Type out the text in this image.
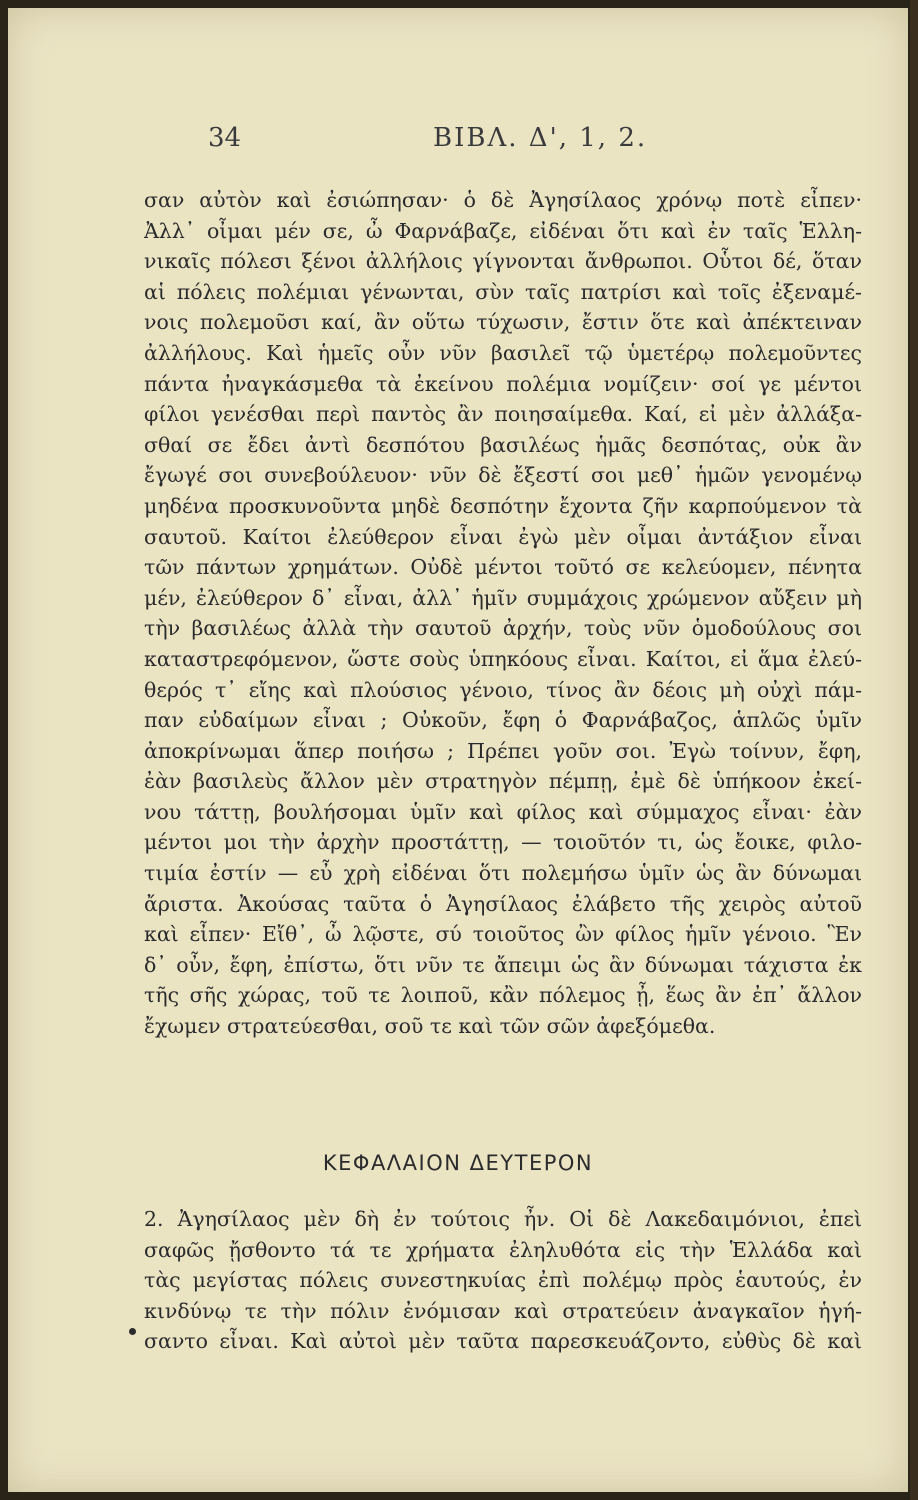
34	ΒΙΒΛ. Δ', 1, 2.
σαν αὐτὸν καὶ ἐσιώπησαν· ὁ δὲ Ἀγησίλαος χρόνῳ ποτὲ εἶπεν·
Ἀλλ᾽ οἶμαι μέν σε, ὦ Φαρνάβαζε, εἰδέναι ὅτι καὶ ἐν ταῖς Ἑλλη-
νικαῖς πόλεσι ξένοι ἀλλήλοις γίγνονται ἄνθρωποι. Οὗτοι δέ, ὅταν
αἱ πόλεις πολέμιαι γένωνται, σὺν ταῖς πατρίσι καὶ τοῖς ἐξεναμέ-
νοις πολεμοῦσι καί, ἂν οὕτω τύχωσιν, ἔστιν ὅτε καὶ ἀπέκτειναν
ἀλλήλους. Καὶ ἡμεῖς οὖν νῦν βασιλεῖ τῷ ὑμετέρῳ πολεμοῦντες
πάντα ἠναγκάσμεθα τὰ ἐκείνου πολέμια νομίζειν· σοί γε μέντοι
φίλοι γενέσθαι περὶ παντὸς ἂν ποιησαίμεθα. Καί, εἰ μὲν ἀλλάξα-
σθαί σε ἔδει ἀντὶ δεσπότου βασιλέως ἡμᾶς δεσπότας, οὐκ ἂν
ἔγωγέ σοι συνεβούλευον· νῦν δὲ ἔξεστί σοι μεθ᾽ ἡμῶν γενομένῳ
μηδένα προσκυνοῦντα μηδὲ δεσπότην ἔχοντα ζῆν καρπούμενον τὰ
σαυτοῦ. Καίτοι ἐλεύθερον εἶναι ἐγὼ μὲν οἶμαι ἀντάξιον εἶναι
τῶν πάντων χρημάτων. Οὐδὲ μέντοι τοῦτό σε κελεύομεν, πένητα
μέν, ἐλεύθερον δ᾽ εἶναι, ἀλλ᾽ ἡμῖν συμμάχοις χρώμενον αὔξειν μὴ
τὴν βασιλέως ἀλλὰ τὴν σαυτοῦ ἀρχήν, τοὺς νῦν ὁμοδούλους σοι
καταστρεφόμενον, ὥστε σοὺς ὑπηκόους εἶναι. Καίτοι, εἰ ἅμα ἐλεύ-
θερός τ᾽ εἴης καὶ πλούσιος γένοιο, τίνος ἂν δέοις μὴ οὐχὶ πάμ-
παν εὐδαίμων εἶναι ; Οὐκοῦν, ἔφη ὁ Φαρνάβαζος, ἁπλῶς ὑμῖν
ἀποκρίνωμαι ἅπερ ποιήσω ; Πρέπει γοῦν σοι. Ἐγὼ τοίνυν, ἔφη,
ἐὰν βασιλεὺς ἄλλον μὲν στρατηγὸν πέμπῃ, ἐμὲ δὲ ὑπήκοον ἐκεί-
νου τάττῃ, βουλήσομαι ὑμῖν καὶ φίλος καὶ σύμμαχος εἶναι· ἐὰν
μέντοι μοι τὴν ἀρχὴν προστάττῃ, — τοιοῦτόν τι, ὡς ἔοικε, φιλο-
τιμία ἐστίν — εὖ χρὴ εἰδέναι ὅτι πολεμήσω ὑμῖν ὡς ἂν δύνωμαι
ἄριστα. Ἀκούσας ταῦτα ὁ Ἀγησίλαος ἐλάβετο τῆς χειρὸς αὐτοῦ
καὶ εἶπεν· Εἴθ᾽, ὦ λῷστε, σύ τοιοῦτος ὢν φίλος ἡμῖν γένοιο. Ἓν
δ᾽ οὖν, ἔφη, ἐπίστω, ὅτι νῦν τε ἄπειμι ὡς ἂν δύνωμαι τάχιστα ἐκ
τῆς σῆς χώρας, τοῦ τε λοιποῦ, κἂν πόλεμος ᾖ, ἕως ἂν ἐπ᾽ ἄλλον
ἔχωμεν στρατεύεσθαι, σοῦ τε καὶ τῶν σῶν ἀφεξόμεθα.
ΚΕΦΑΛΑΙΟΝ ΔΕΥΤΕΡΟΝ
2. Ἀγησίλαος μὲν δὴ ἐν τούτοις ἦν. Οἱ δὲ Λακεδαιμόνιοι, ἐπεὶ
σαφῶς ᾔσθοντο τά τε χρήματα ἐληλυθότα εἰς τὴν Ἑλλάδα καὶ
τὰς μεγίστας πόλεις συνεστηκυίας ἐπὶ πολέμῳ πρὸς ἑαυτούς, ἐν
κινδύνῳ τε τὴν πόλιν ἐνόμισαν καὶ στρατεύειν ἀναγκαῖον ἡγή-
σαντο εἶναι. Καὶ αὐτοὶ μὲν ταῦτα παρεσκευάζοντο, εὐθὺς δὲ καὶ
